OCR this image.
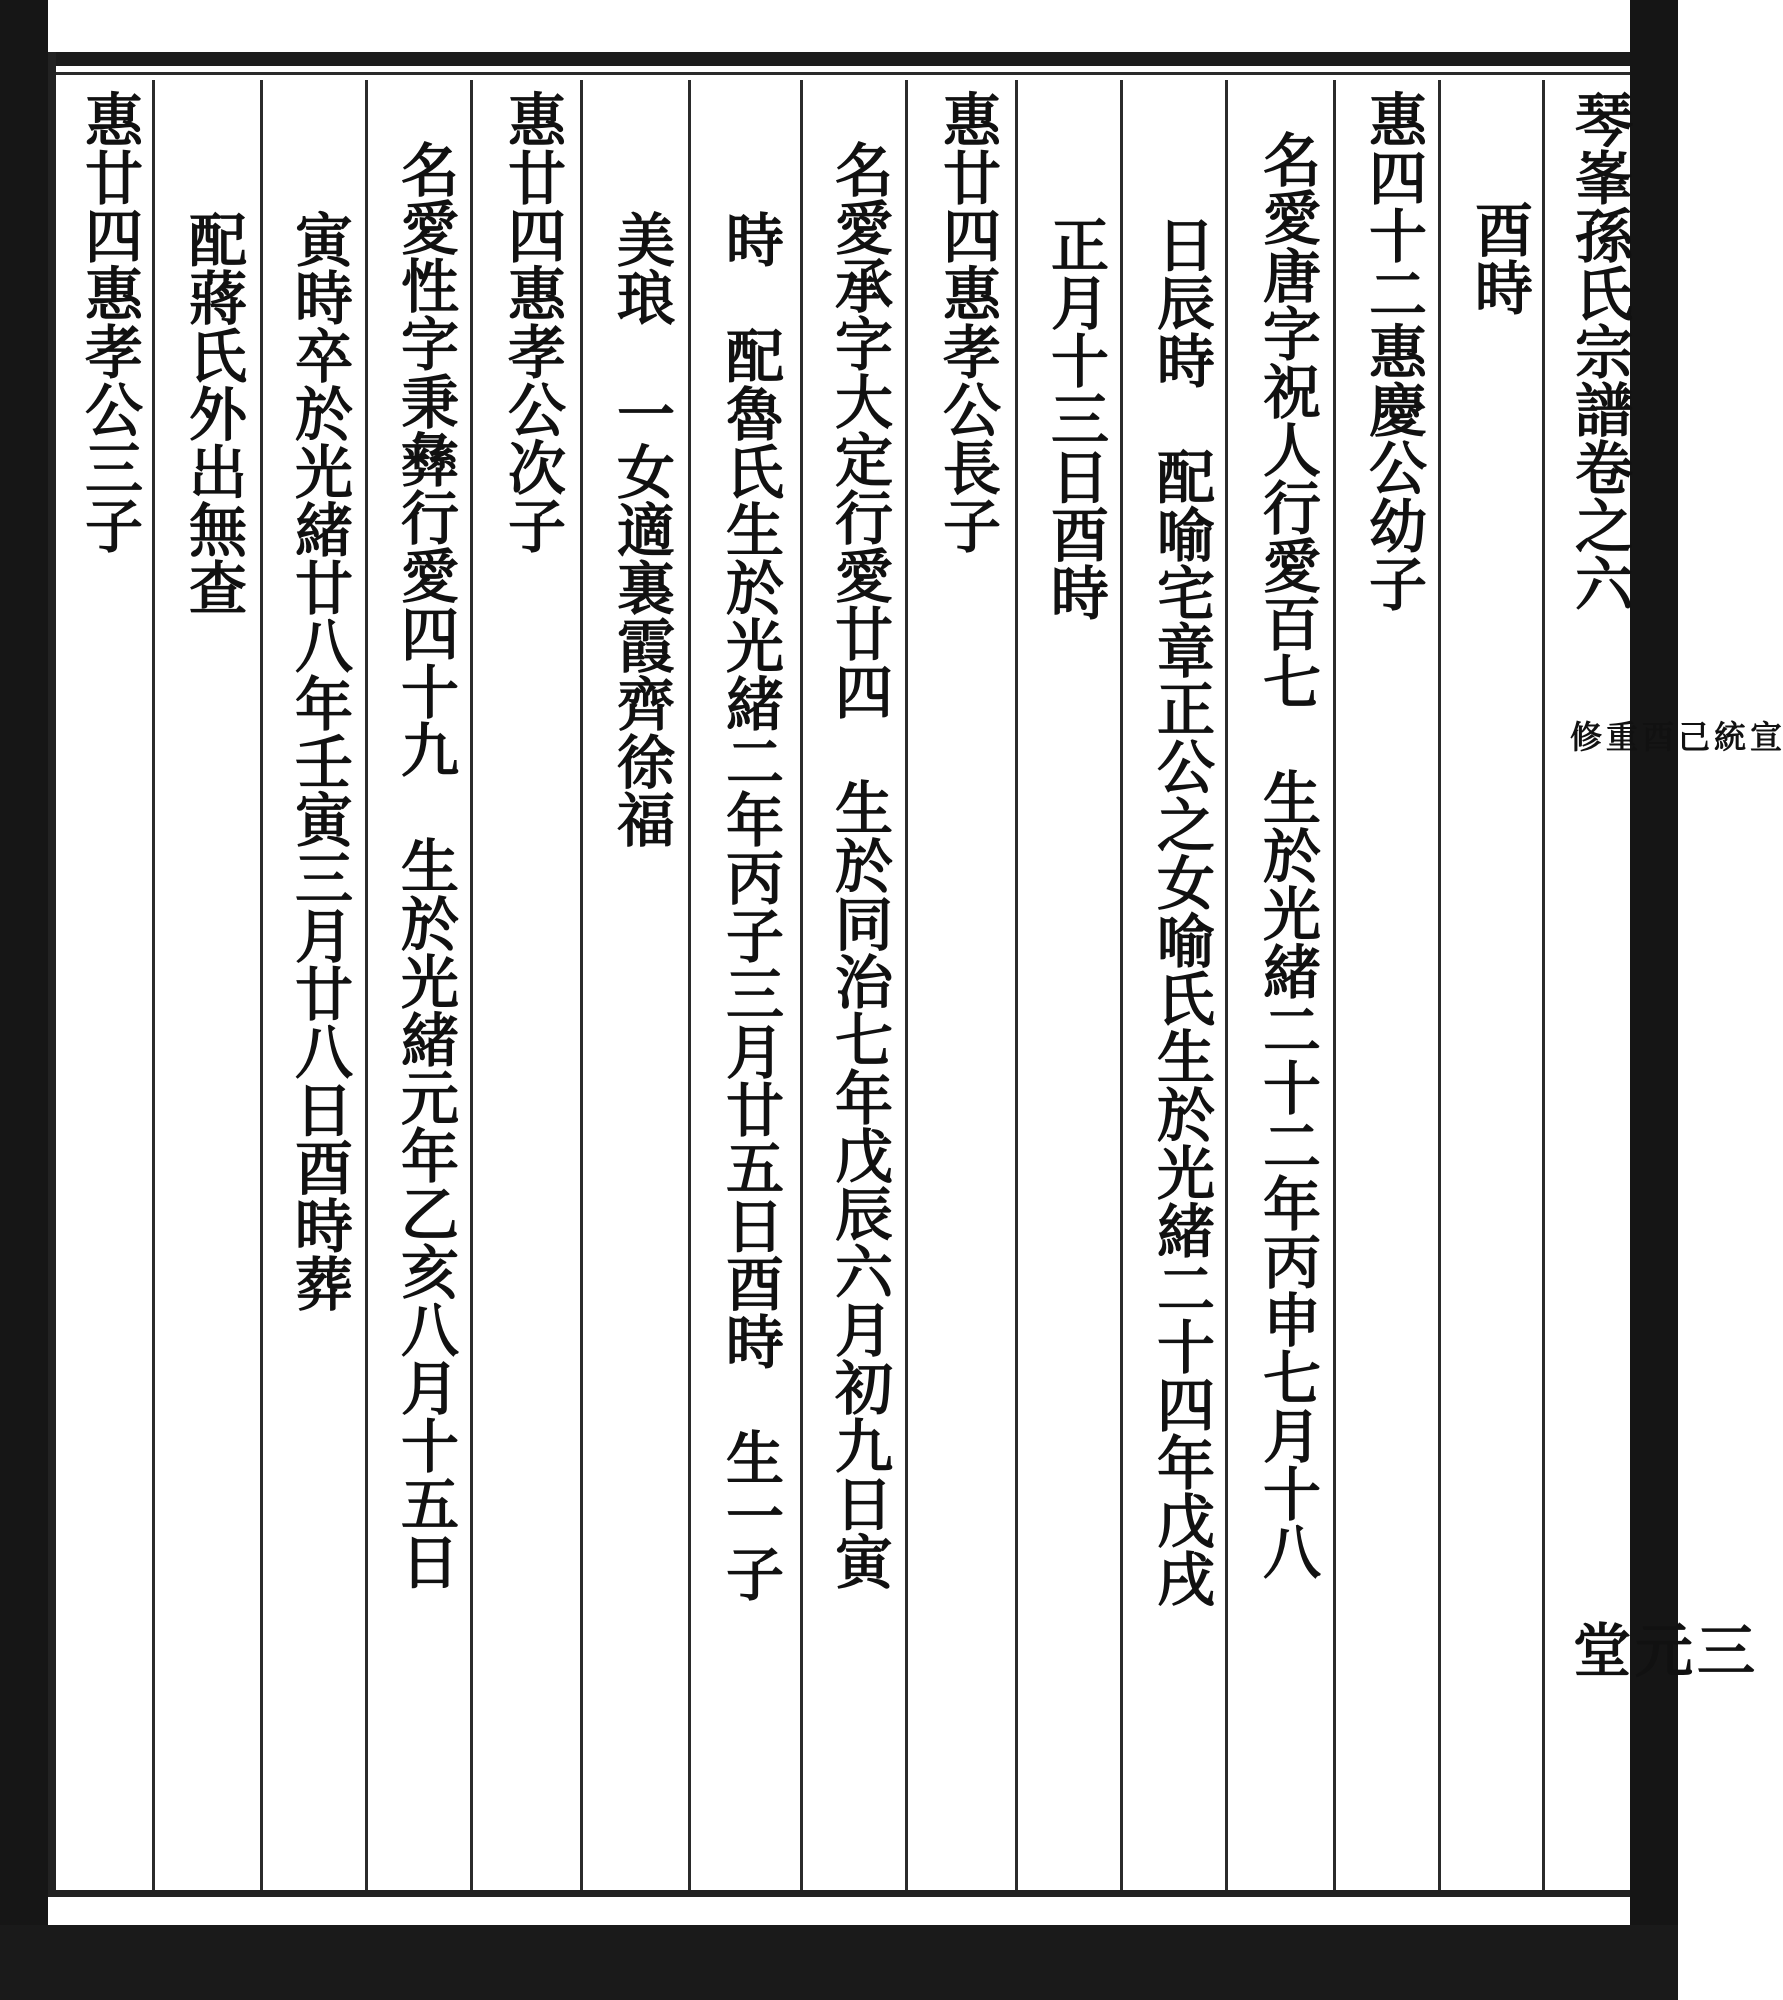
琴峯孫氏宗譜卷之六
宣統己酉重修
三元堂
酉時
惠四十二惠慶公幼子
名愛唐字祝人行愛百七　生於光緒二十二年丙申七月十八
日辰時　配喻宅章正公之女喻氏生於光緒二十四年戊戌
正月十三日酉時
惠廿四惠孝公長子
名愛承字大定行愛廿四　生於同治七年戊辰六月初九日寅
時　配魯氏生於光緒二年丙子三月廿五日酉時　生一子
美琅　一女適裏霞齊徐福
惠廿四惠孝公次子
名愛性字秉彝行愛四十九　生於光緒元年乙亥八月十五日
寅時卒於光緒廿八年壬寅三月廿八日酉時葬
配蔣氏外出無查
惠廿四惠孝公三子
